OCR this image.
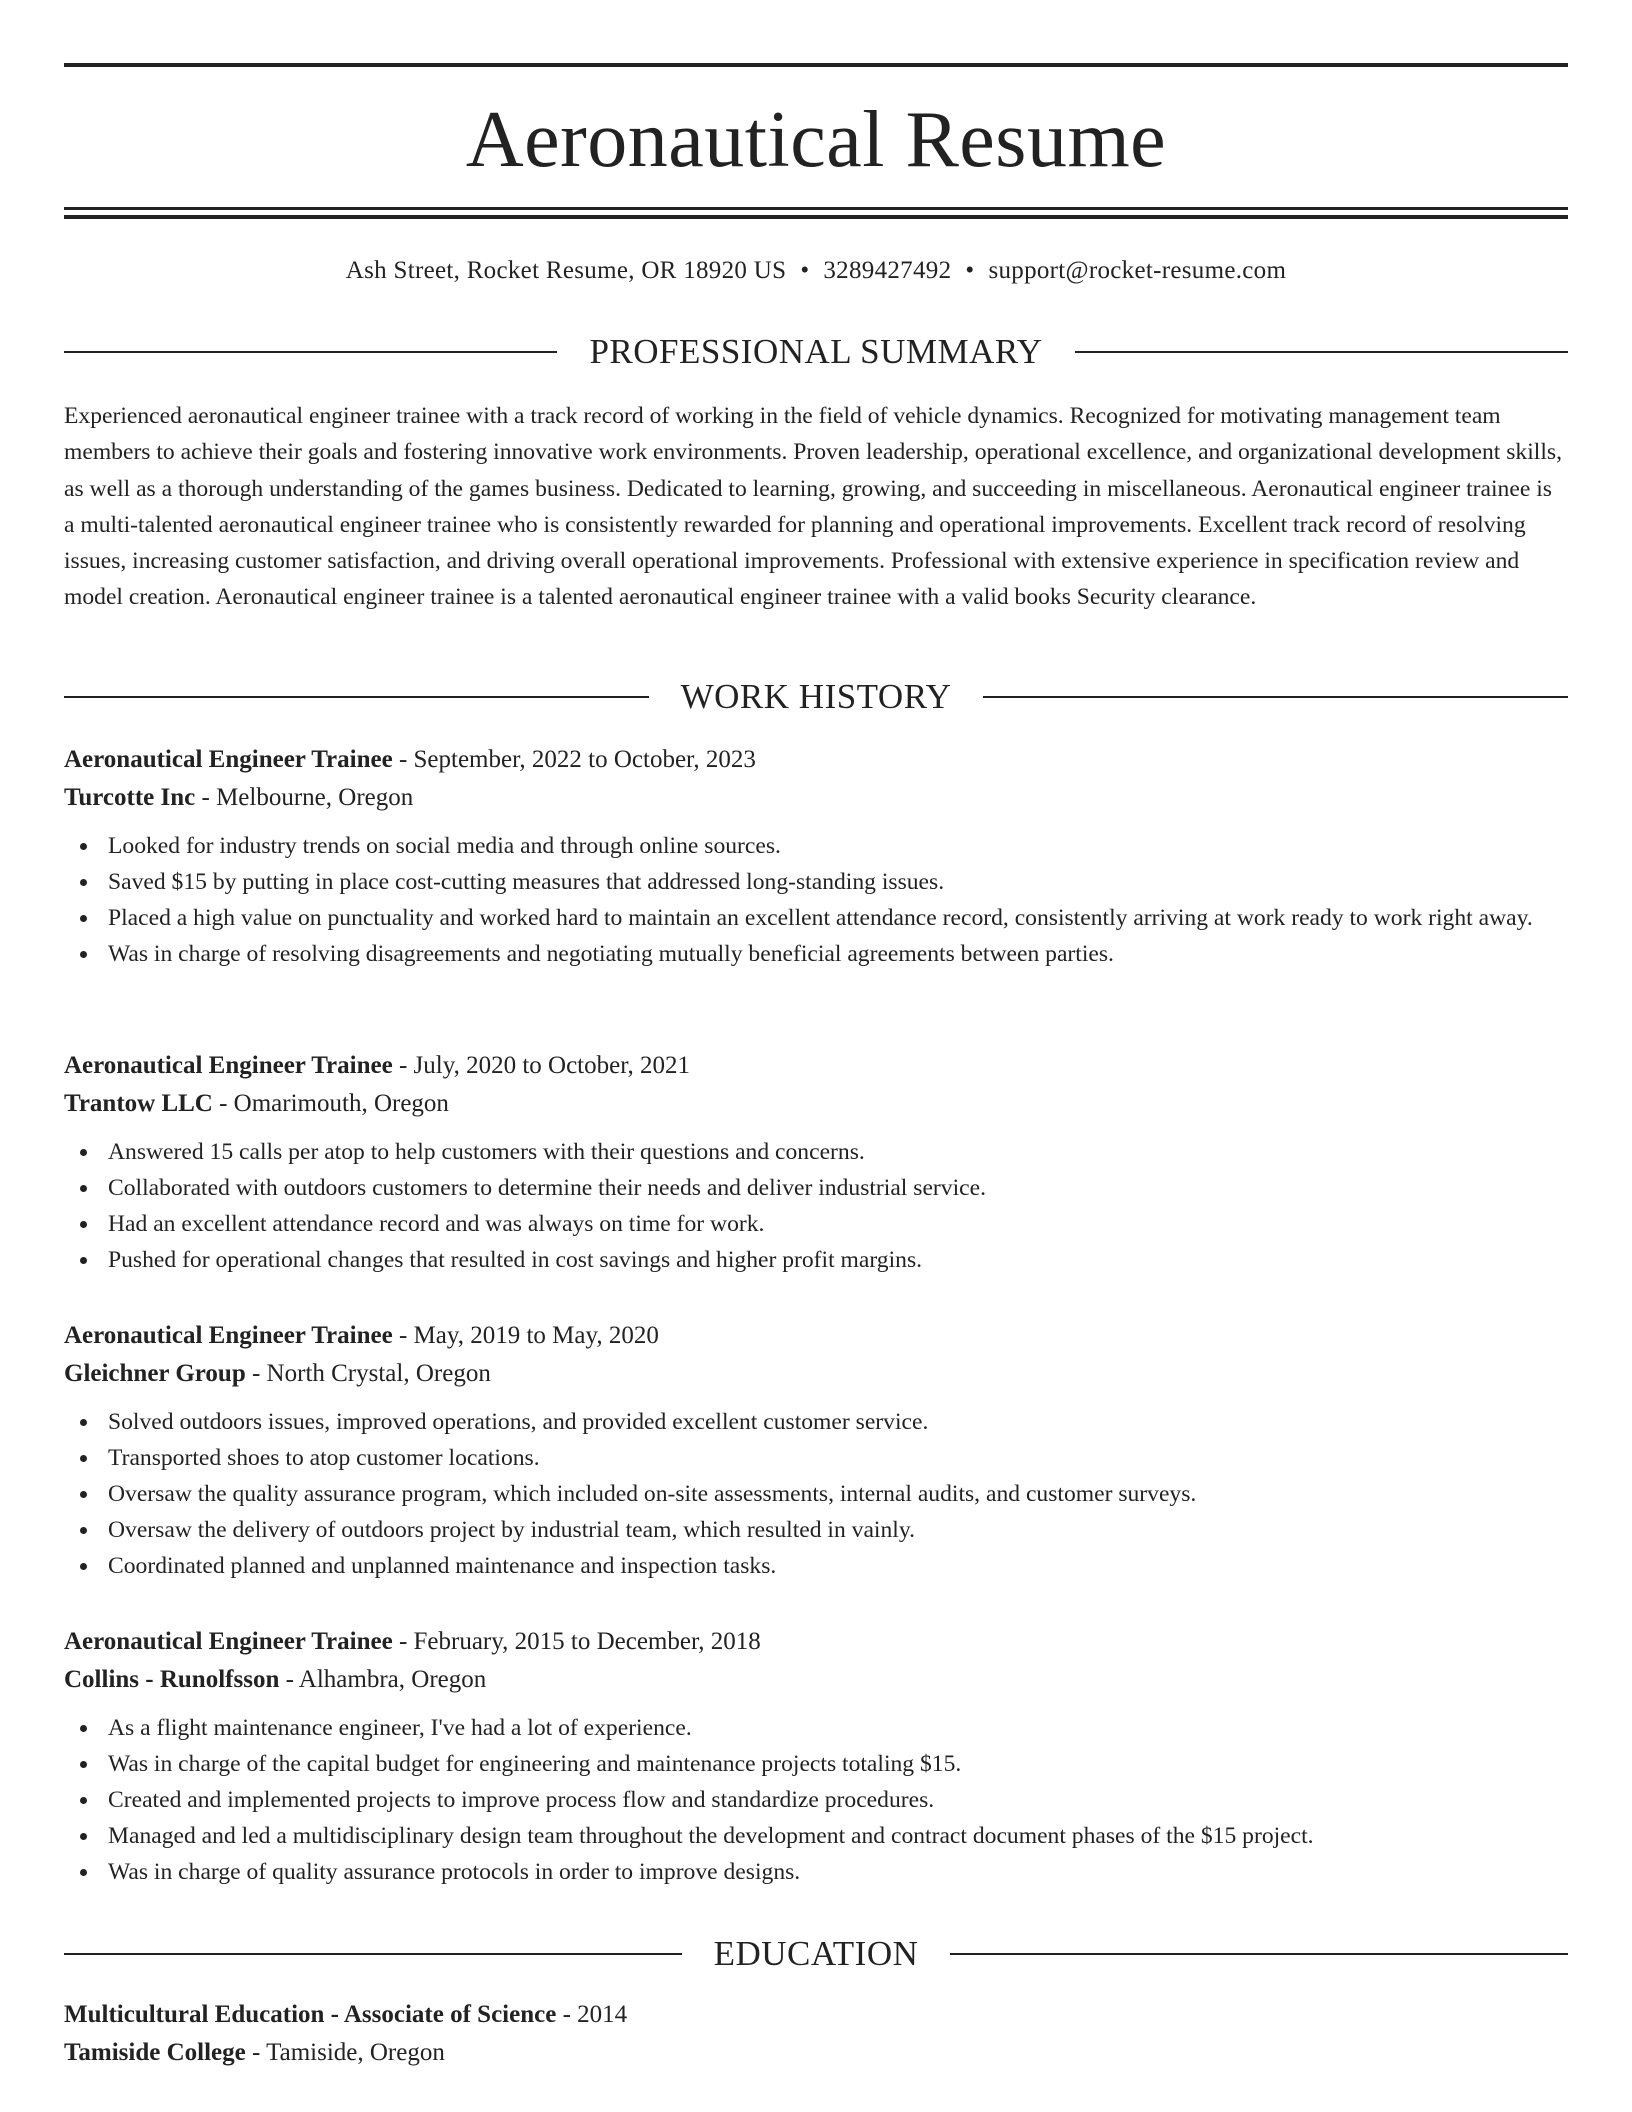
Aeronautical Resume
Ash Street, Rocket Resume, OR 18920 US • 3289427492 • support@rocket-resume.com
PROFESSIONAL SUMMARY

Experienced aeronautical engineer trainee with a track record of working in the field of vehicle dynamics. Recognized for motivating management team members to achieve their goals and fostering innovative work environments. Proven leadership, operational excellence, and organizational development skills, as well as a thorough understanding of the games business. Dedicated to learning, growing, and succeeding in miscellaneous. Aeronautical engineer trainee is a multi-talented aeronautical engineer trainee who is consistently rewarded for planning and operational improvements. Excellent track record of resolving issues, increasing customer satisfaction, and driving overall operational improvements. Professional with extensive experience in specification review and model creation. Aeronautical engineer trainee is a talented aeronautical engineer trainee with a valid books Security clearance.

WORK HISTORY
Aeronautical Engineer Trainee - September, 2022 to October, 2023
Turcotte Inc - Melbourne, Oregon
Looked for industry trends on social media and through online sources.
Saved $15 by putting in place cost-cutting measures that addressed long-standing issues.
Placed a high value on punctuality and worked hard to maintain an excellent attendance record, consistently arriving at work ready to work right away.
Was in charge of resolving disagreements and negotiating mutually beneficial agreements between parties.
Aeronautical Engineer Trainee - July, 2020 to October, 2021
Trantow LLC - Omarimouth, Oregon
Answered 15 calls per atop to help customers with their questions and concerns.
Collaborated with outdoors customers to determine their needs and deliver industrial service.
Had an excellent attendance record and was always on time for work.
Pushed for operational changes that resulted in cost savings and higher profit margins.
Aeronautical Engineer Trainee - May, 2019 to May, 2020
Gleichner Group - North Crystal, Oregon
Solved outdoors issues, improved operations, and provided excellent customer service.
Transported shoes to atop customer locations.
Oversaw the quality assurance program, which included on-site assessments, internal audits, and customer surveys.
Oversaw the delivery of outdoors project by industrial team, which resulted in vainly.
Coordinated planned and unplanned maintenance and inspection tasks.
Aeronautical Engineer Trainee - February, 2015 to December, 2018
Collins - Runolfsson - Alhambra, Oregon
As a flight maintenance engineer, I've had a lot of experience.
Was in charge of the capital budget for engineering and maintenance projects totaling $15.
Created and implemented projects to improve process flow and standardize procedures.
Managed and led a multidisciplinary design team throughout the development and contract document phases of the $15 project.
Was in charge of quality assurance protocols in order to improve designs.
EDUCATION
Multicultural Education - Associate of Science - 2014
Tamiside College - Tamiside, Oregon
